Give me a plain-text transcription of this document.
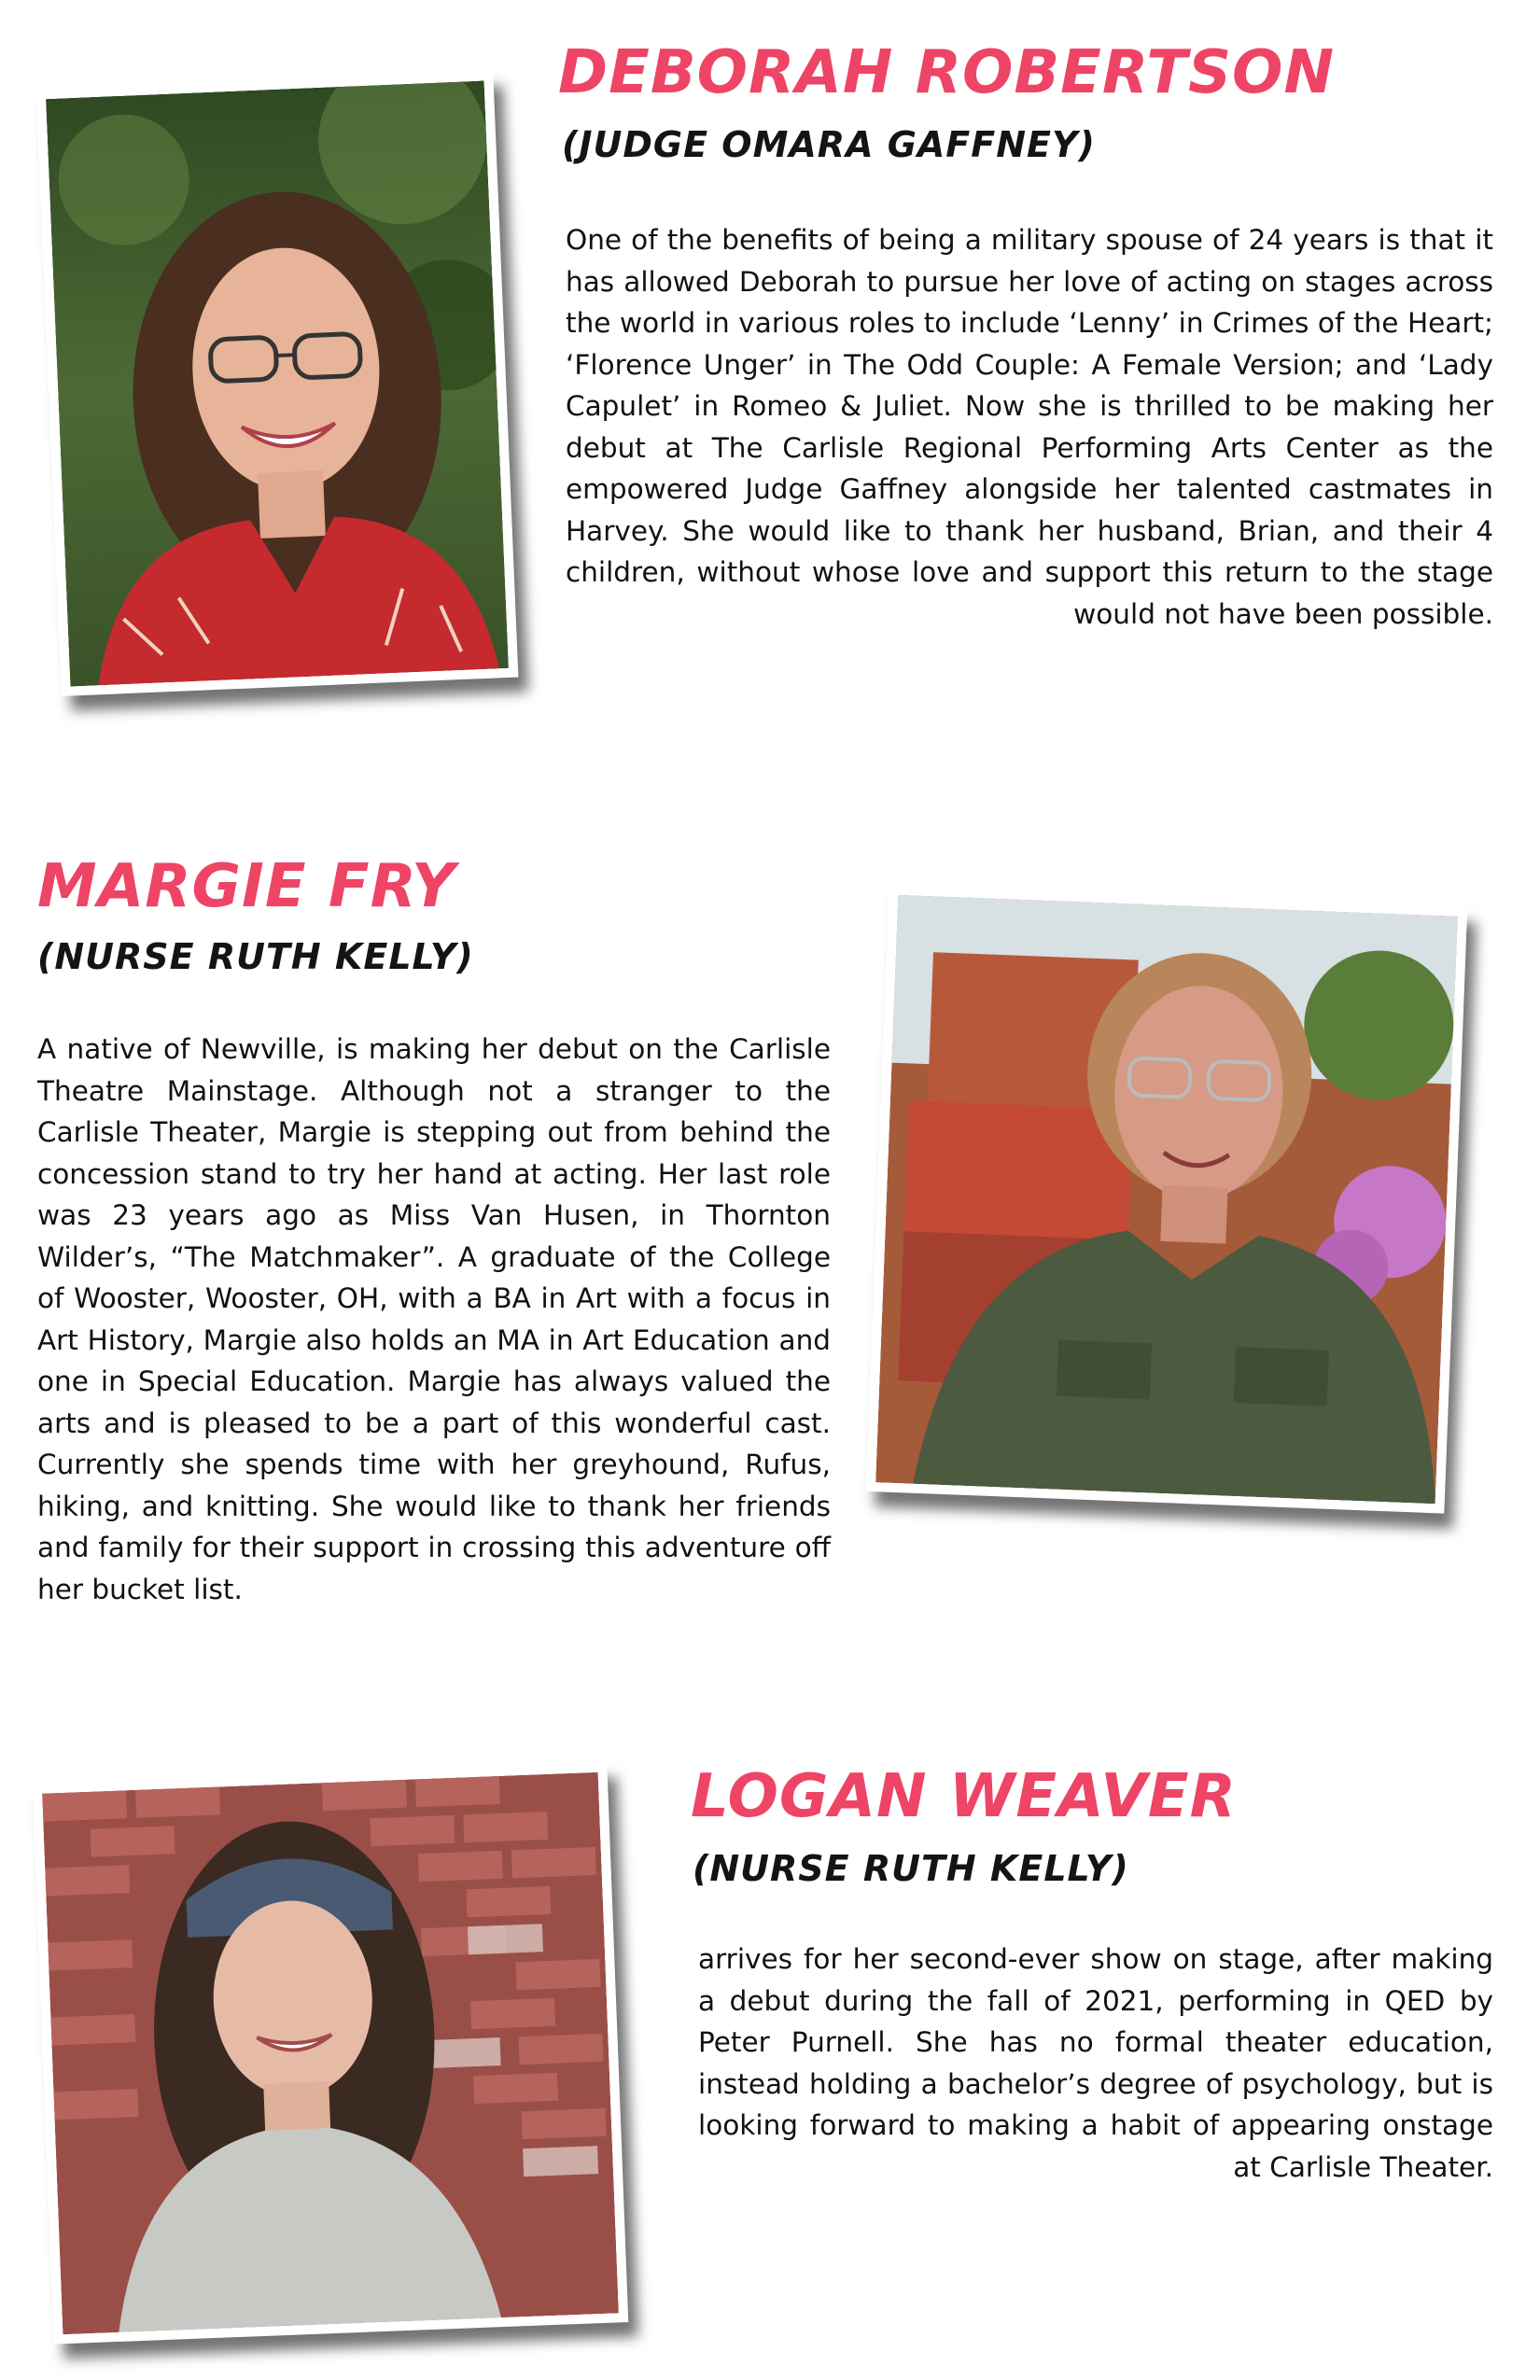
DEBORAH ROBERTSON
(JUDGE OMARA GAFFNEY)

One of the benefits of being a military spouse of 24 years is that it has allowed Deborah to pursue her love of acting on stages across the world in various roles to include ‘Lenny’ in Crimes of the Heart; ‘Florence Unger’ in The Odd Couple: A Female Version; and ‘Lady Capulet’ in Romeo & Juliet. Now she is thrilled to be making her debut at The Carlisle Regional Performing Arts Center as the empowered Judge Gaffney alongside her talented castmates in Harvey. She would like to thank her husband, Brian, and their 4 children, without whose love and support this return to the stage would not have been possible.

MARGIE FRY
(NURSE RUTH KELLY)

A native of Newville, is making her debut on the Carlisle Theatre Mainstage. Although not a stranger to the Carlisle Theater, Margie is stepping out from behind the concession stand to try her hand at acting. Her last role was 23 years ago as Miss Van Husen, in Thornton Wilder’s, “The Matchmaker”. A graduate of the College of Wooster, Wooster, OH, with a BA in Art with a focus in Art History, Margie also holds an MA in Art Education and one in Special Education. Margie has always valued the arts and is pleased to be a part of this wonderful cast. Currently she spends time with her greyhound, Rufus, hiking, and knitting. She would like to thank her friends and family for their support in crossing this adventure off her bucket list.

LOGAN WEAVER
(NURSE RUTH KELLY)

arrives for her second-ever show on stage, after making a debut during the fall of 2021, performing in QED by Peter Purnell. She has no formal theater education, instead holding a bachelor’s degree of psychology, but is looking forward to making a habit of appearing onstage at Carlisle Theater.
